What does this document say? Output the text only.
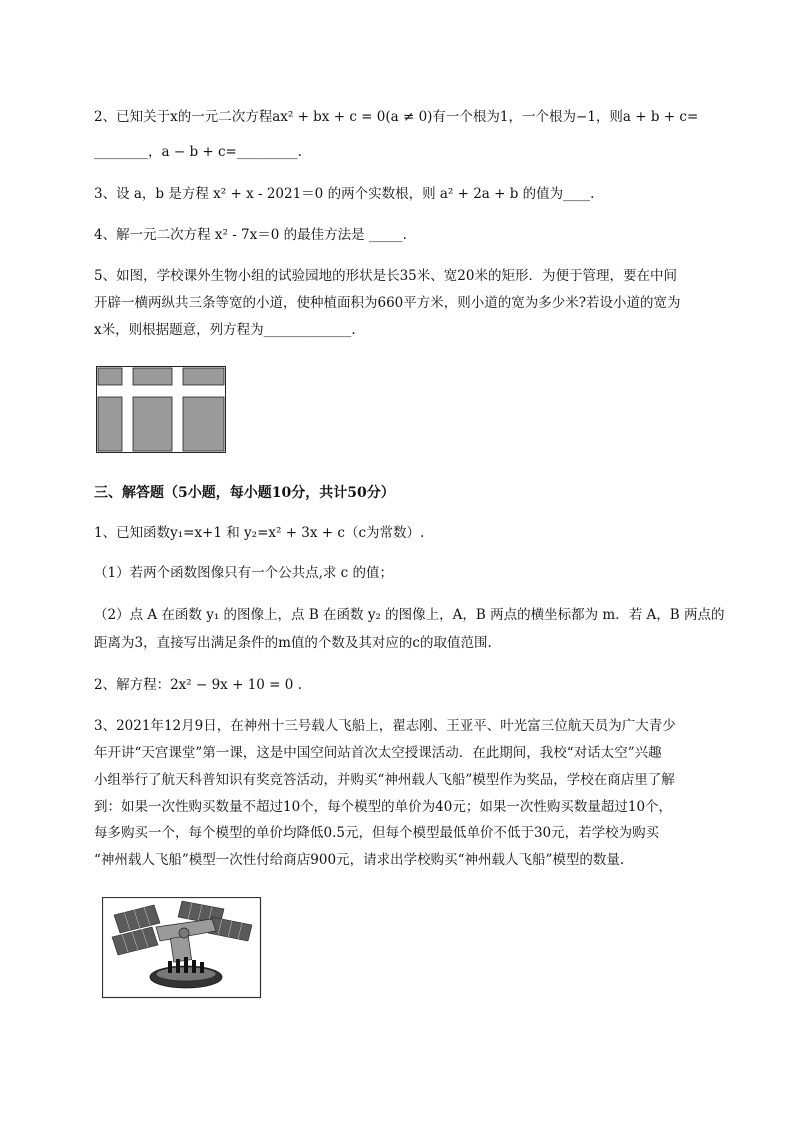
2、已知关于x的一元二次方程ax² + bx + c = 0(a ≠ 0)有一个根为1，一个根为−1，则a + b + c=
________，a − b + c=_________.
3、设 a，b 是方程 x² + x - 2021＝0 的两个实数根，则 a² + 2a + b 的值为____.
4、解一元二次方程 x² - 7x＝0 的最佳方法是 _____.
5、如图，学校课外生物小组的试验园地的形状是长35米、宽20米的矩形．为便于管理，要在中间
开辟一横两纵共三条等宽的小道，使种植面积为660平方米，则小道的宽为多少米?若设小道的宽为
x米，则根据题意，列方程为_____________.
三、解答题（5小题，每小题10分，共计50分）
1、已知函数y₁=x+1 和 y₂=x² + 3x + c（c为常数）.
（1）若两个函数图像只有一个公共点,求 c 的值；
（2）点 A 在函数 y₁ 的图像上，点 B 在函数 y₂ 的图像上，A，B 两点的横坐标都为 m．若 A，B 两点的
距离为3，直接写出满足条件的m值的个数及其对应的c的取值范围.
2、解方程：2x² − 9x + 10 = 0 .
3、2021年12月9日，在神州十三号载人飞船上，翟志刚、王亚平、叶光富三位航天员为广大青少
年开讲“天宫课堂”第一课，这是中国空间站首次太空授课活动．在此期间，我校“对话太空”兴趣
小组举行了航天科普知识有奖竞答活动，并购买“神州载人飞船”模型作为奖品，学校在商店里了解
到：如果一次性购买数量不超过10个，每个模型的单价为40元；如果一次性购买数量超过10个，
每多购买一个，每个模型的单价均降低0.5元，但每个模型最低单价不低于30元，若学校为购买
“神州载人飞船”模型一次性付给商店900元，请求出学校购买“神州载人飞船”模型的数量.
